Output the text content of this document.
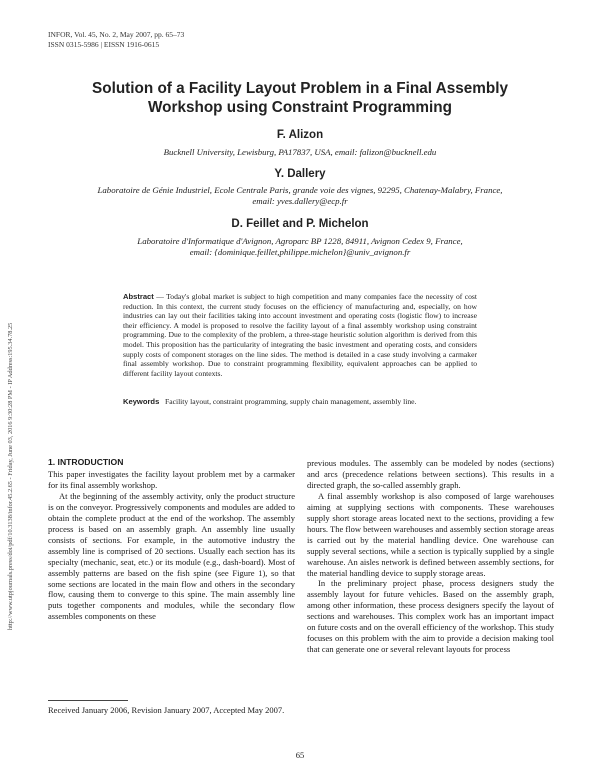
INFOR, Vol. 45, No. 2, May 2007, pp. 65–73
ISSN 0315-5986 | EISSN 1916-0615
http://www.utpjournals.press/doi/pdf/10.3138/infor.45.2.65 - Friday, June 03, 2016 9:30:28 PM - IP Address:195.34.78.25
Solution of a Facility Layout Problem in a Final Assembly
Workshop using Constraint Programming
F. Alizon
Bucknell University, Lewisburg, PA17837, USA, email: falizon@bucknell.edu
Y. Dallery
Laboratoire de Génie Industriel, Ecole Centrale Paris, grande voie des vignes, 92295, Chatenay-Malabry, France,
email: yves.dallery@ecp.fr
D. Feillet and P. Michelon
Laboratoire d'Informatique d'Avignon, Agroparc BP 1228, 84911, Avignon Cedex 9, France,
email: {dominique.feillet,philippe.michelon}@univ_avignon.fr
Abstract — Today's global market is subject to high competition and many companies face the necessity of cost reduction. In this context, the current study focuses on the efficiency of manufacturing and, especially, on how industries can lay out their facilities taking into account investment and operating costs (logistic flow) to increase their efficiency. A model is proposed to resolve the facility layout of a final assembly workshop using constraint programming. Due to the complexity of the problem, a three-stage heuristic solution algorithm is derived from this model. This proposition has the particularity of integrating the basic investment and operating costs, and considers supply costs of component storages on the line sides. The method is detailed in a case study involving a carmaker final assembly workshop. Due to constraint programming flexibility, equivalent approaches can be applied to different facility layout contexts.
Keywords Facility layout, constraint programming, supply chain management, assembly line.
1. INTRODUCTION

This paper investigates the facility layout problem met by a carmaker for its final assembly workshop.

At the beginning of the assembly activity, only the product structure is on the conveyor. Progressively components and modules are added to obtain the complete product at the end of the workshop. The assembly process is based on an assembly graph. An assembly line usually consists of sections. For example, in the automotive industry the assembly line is comprised of 20 sections. Usually each section has its specialty (mechanic, seat, etc.) or its module (e.g., dash-board). Most of assembly patterns are based on the fish spine (see Figure 1), so that some sections are located in the main flow and others in the secondary flow, causing them to converge to this spine. The main assembly line puts together components and modules, while the secondary flow assembles components on these

previous modules. The assembly can be modeled by nodes (sections) and arcs (precedence relations between sections). This results in a directed graph, the so-called assembly graph.

A final assembly workshop is also composed of large warehouses aiming at supplying sections with components. These warehouses supply short storage areas located next to the sections, providing a few hours. The flow between warehouses and assembly section storage areas is carried out by the material handling device. One warehouse can supply several sections, while a section is typically supplied by a single warehouse. An aisles network is defined between assembly sections, for the material handling device to supply storage areas.

In the preliminary project phase, process designers study the assembly layout for future vehicles. Based on the assembly graph, among other information, these process designers specify the layout of sections and warehouses. This complex work has an important impact on future costs and on the overall efficiency of the workshop. This study focuses on this problem with the aim to provide a decision making tool that can generate one or several relevant layouts for process

Received January 2006, Revision January 2007, Accepted May 2007.
65
